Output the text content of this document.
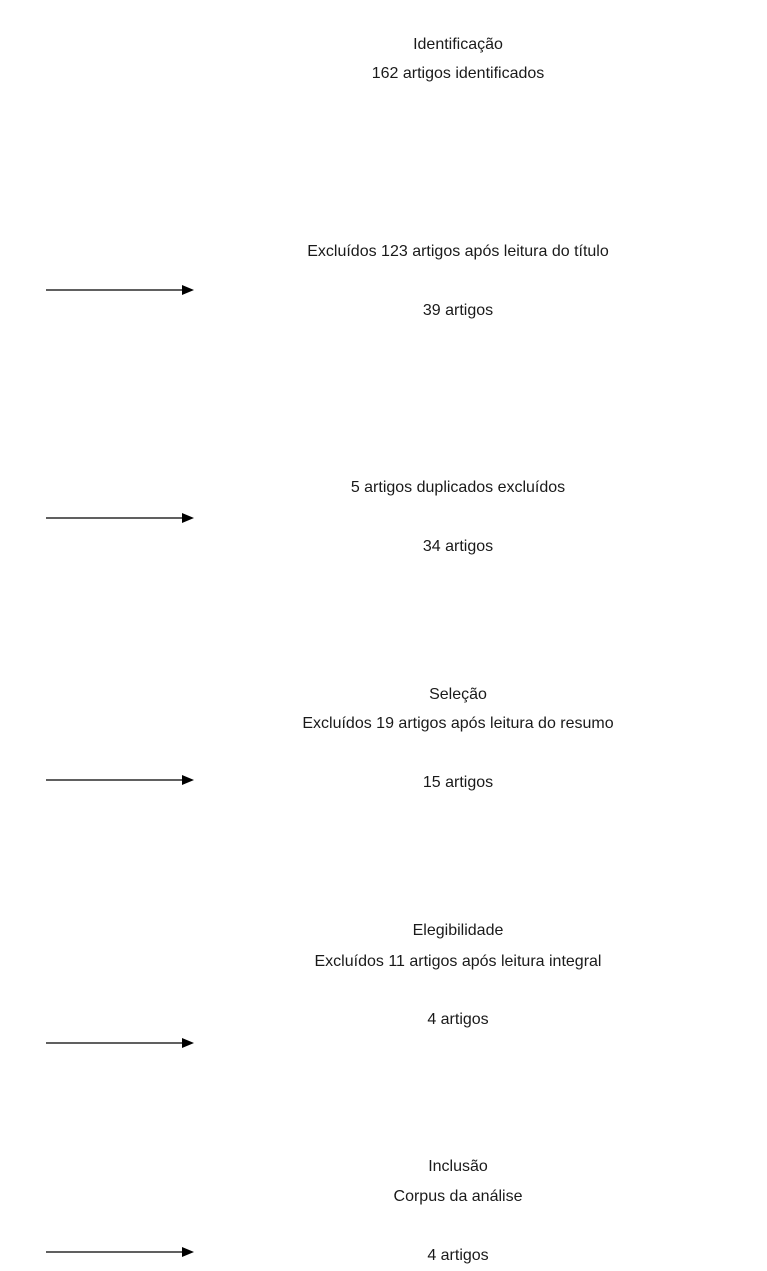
Identificação
162 artigos identificados
Excluídos 123 artigos após leitura do título
39 artigos
5 artigos duplicados excluídos
34 artigos
Seleção
Excluídos 19 artigos após leitura do resumo
15 artigos
Elegibilidade
Excluídos 11 artigos após leitura integral
4 artigos
Inclusão
Corpus da análise
4 artigos
